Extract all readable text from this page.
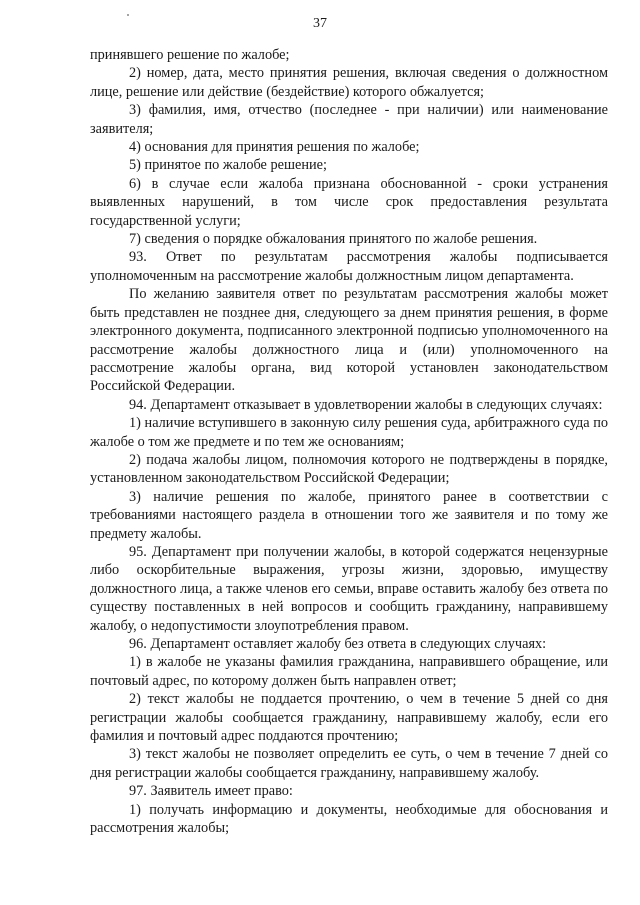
37

принявшего решение по жалобе;

2) номер, дата, место принятия решения, включая сведения о должностном лице, решение или действие (бездействие) которого обжалуется;

3) фамилия, имя, отчество (последнее - при наличии) или наименование заявителя;

4) основания для принятия решения по жалобе;

5) принятое по жалобе решение;

6) в случае если жалоба признана обоснованной - сроки устранения выявленных нарушений, в том числе срок предоставления результата государственной услуги;

7) сведения о порядке обжалования принятого по жалобе решения.

93. Ответ по результатам рассмотрения жалобы подписывается уполномоченным на рассмотрение жалобы должностным лицом департамента.

По желанию заявителя ответ по результатам рассмотрения жалобы может быть представлен не позднее дня, следующего за днем принятия решения, в форме электронного документа, подписанного электронной подписью уполномоченного на рассмотрение жалобы должностного лица и (или) уполномоченного на рассмотрение жалобы органа, вид которой установлен законодательством Российской Федерации.

94. Департамент отказывает в удовлетворении жалобы в следующих случаях:

1) наличие вступившего в законную силу решения суда, арбитражного суда по жалобе о том же предмете и по тем же основаниям;

2) подача жалобы лицом, полномочия которого не подтверждены в порядке, установленном законодательством Российской Федерации;

3) наличие решения по жалобе, принятого ранее в соответствии с требованиями настоящего раздела в отношении того же заявителя и по тому же предмету жалобы.

95. Департамент при получении жалобы, в которой содержатся нецензурные либо оскорбительные выражения, угрозы жизни, здоровью, имуществу должностного лица, а также членов его семьи, вправе оставить жалобу без ответа по существу поставленных в ней вопросов и сообщить гражданину, направившему жалобу, о недопустимости злоупотребления правом.

96. Департамент оставляет жалобу без ответа в следующих случаях:

1) в жалобе не указаны фамилия гражданина, направившего обращение, или почтовый адрес, по которому должен быть направлен ответ;

2) текст жалобы не поддается прочтению, о чем в течение 5 дней со дня регистрации жалобы сообщается гражданину, направившему жалобу, если его фамилия и почтовый адрес поддаются прочтению;

3) текст жалобы не позволяет определить ее суть, о чем в течение 7 дней со дня регистрации жалобы сообщается гражданину, направившему жалобу.

97. Заявитель имеет право:

1) получать информацию и документы, необходимые для обоснования и рассмотрения жалобы;
